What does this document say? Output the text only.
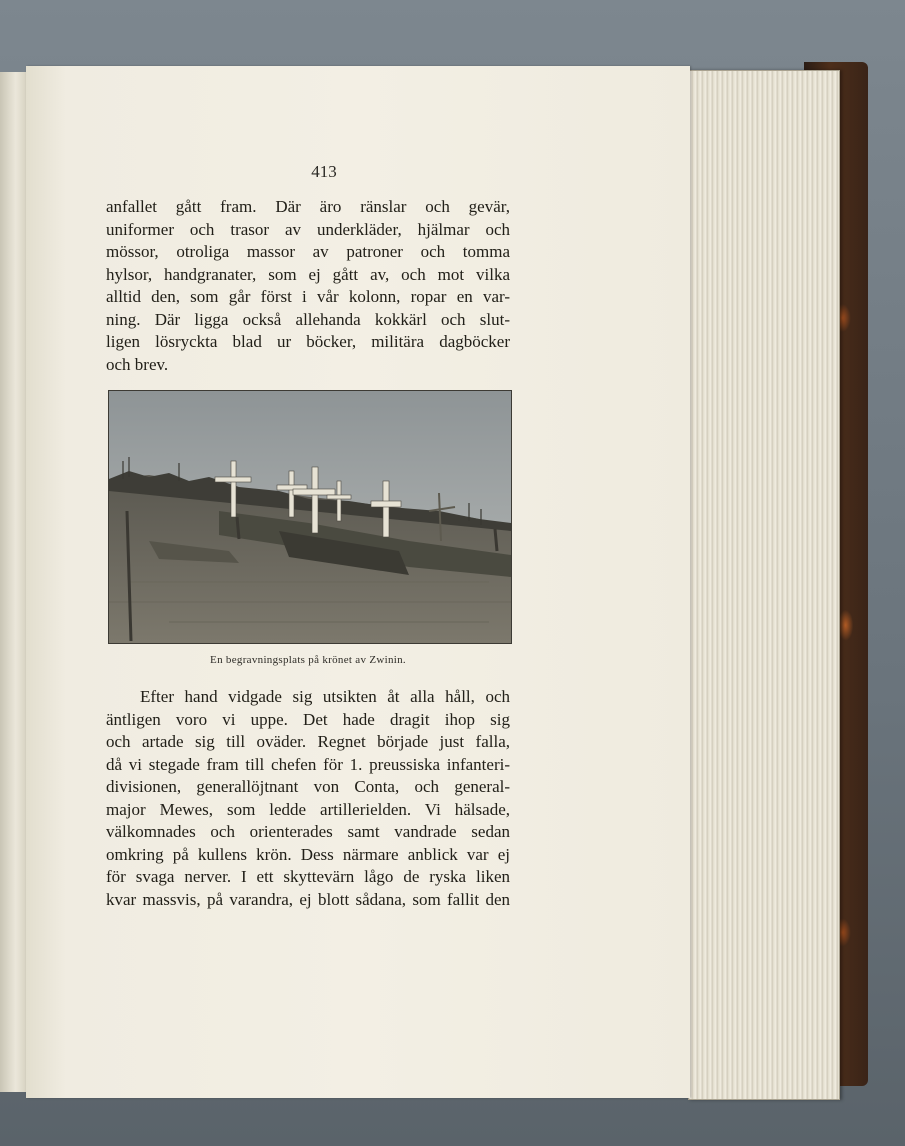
413

anfallet gått fram. Där äro ränslar och gevär,
uniformer och trasor av underkläder, hjälmar och
mössor, otroliga massor av patroner och tomma
hylsor, handgranater, som ej gått av, och mot vilka
alltid den, som går först i vår kolonn, ropar en var-
ning. Där ligga också allehanda kokkärl och slut-
ligen lösryckta blad ur böcker, militära dagböcker
och brev.

En begravningsplats på krönet av Zwinin.

Efter hand vidgade sig utsikten åt alla håll, och
äntligen voro vi uppe. Det hade dragit ihop sig
och artade sig till oväder. Regnet började just falla,
då vi stegade fram till chefen för 1. preussiska infanteri-
divisionen, generallöjtnant von Conta, och general-
major Mewes, som ledde artillerielden. Vi hälsade,
välkomnades och orienterades samt vandrade sedan
omkring på kullens krön. Dess närmare anblick var ej
för svaga nerver. I ett skyttevärn lågo de ryska liken
kvar massvis, på varandra, ej blott sådana, som fallit den
